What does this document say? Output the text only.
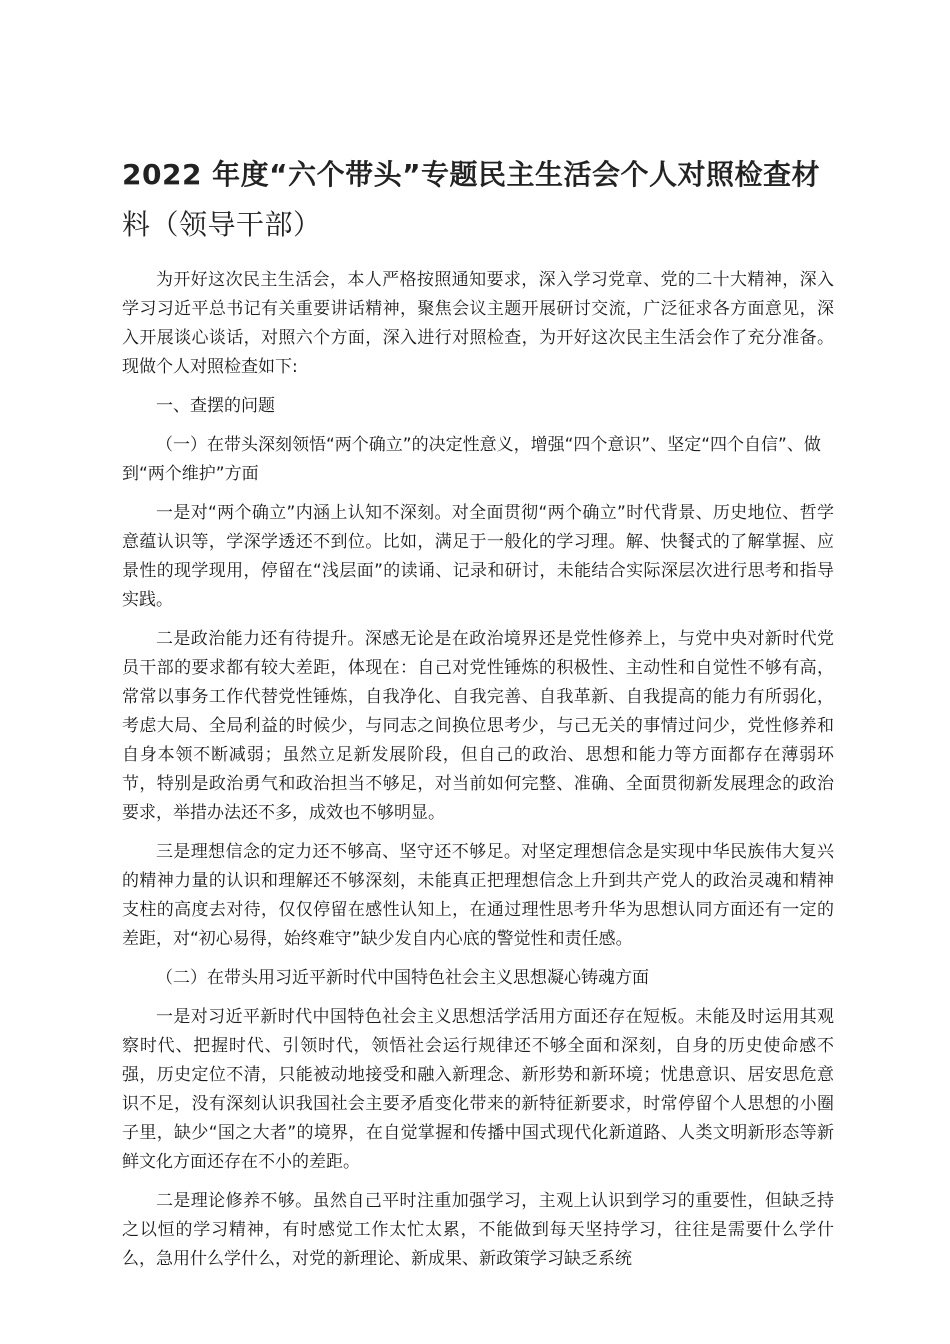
2022 年度“六个带头”专题民主生活会个人对照检查材
料（领导干部）

为开好这次民主生活会，本人严格按照通知要求，深入学习党章、党的二十大精神，深入学习习近平总书记有关重要讲话精神，聚焦会议主题开展研讨交流，广泛征求各方面意见，深入开展谈心谈话，对照六个方面，深入进行对照检查，为开好这次民主生活会作了充分准备。现做个人对照检查如下:

一、查摆的问题

（一）在带头深刻领悟“两个确立”的决定性意义，增强“四个意识”、坚定“四个自信”、做到“两个维护”方面

一是对“两个确立”内涵上认知不深刻。对全面贯彻“两个确立”时代背景、历史地位、哲学意蕴认识等，学深学透还不到位。比如，满足于一般化的学习理。解、快餐式的了解掌握、应景性的现学现用，停留在“浅层面”的读诵、记录和研讨，未能结合实际深层次进行思考和指导实践。

二是政治能力还有待提升。深感无论是在政治境界还是党性修养上，与党中央对新时代党员干部的要求都有较大差距，体现在：自己对党性锤炼的积极性、主动性和自觉性不够有高，常常以事务工作代替党性锤炼，自我净化、自我完善、自我革新、自我提高的能力有所弱化，考虑大局、全局利益的时候少，与同志之间换位思考少，与己无关的事情过问少，党性修养和自身本领不断减弱；虽然立足新发展阶段，但自己的政治、思想和能力等方面都存在薄弱环节，特别是政治勇气和政治担当不够足，对当前如何完整、准确、全面贯彻新发展理念的政治要求，举措办法还不多，成效也不够明显。

三是理想信念的定力还不够高、坚守还不够足。对坚定理想信念是实现中华民族伟大复兴的精神力量的认识和理解还不够深刻，未能真正把理想信念上升到共产党人的政治灵魂和精神支柱的高度去对待，仅仅停留在感性认知上，在通过理性思考升华为思想认同方面还有一定的差距，对“初心易得，始终难守”缺少发自内心底的警觉性和责任感。

（二）在带头用习近平新时代中国特色社会主义思想凝心铸魂方面

一是对习近平新时代中国特色社会主义思想活学活用方面还存在短板。未能及时运用其观察时代、把握时代、引领时代，领悟社会运行规律还不够全面和深刻，自身的历史使命感不强，历史定位不清，只能被动地接受和融入新理念、新形势和新环境；忧患意识、居安思危意识不足，没有深刻认识我国社会主要矛盾变化带来的新特征新要求，时常停留个人思想的小圈子里，缺少“国之大者”的境界，在自觉掌握和传播中国式现代化新道路、人类文明新形态等新鲜文化方面还存在不小的差距。

二是理论修养不够。虽然自己平时注重加强学习，主观上认识到学习的重要性，但缺乏持之以恒的学习精神，有时感觉工作太忙太累，不能做到每天坚持学习，往往是需要什么学什么，急用什么学什么，对党的新理论、新成果、新政策学习缺乏系统
